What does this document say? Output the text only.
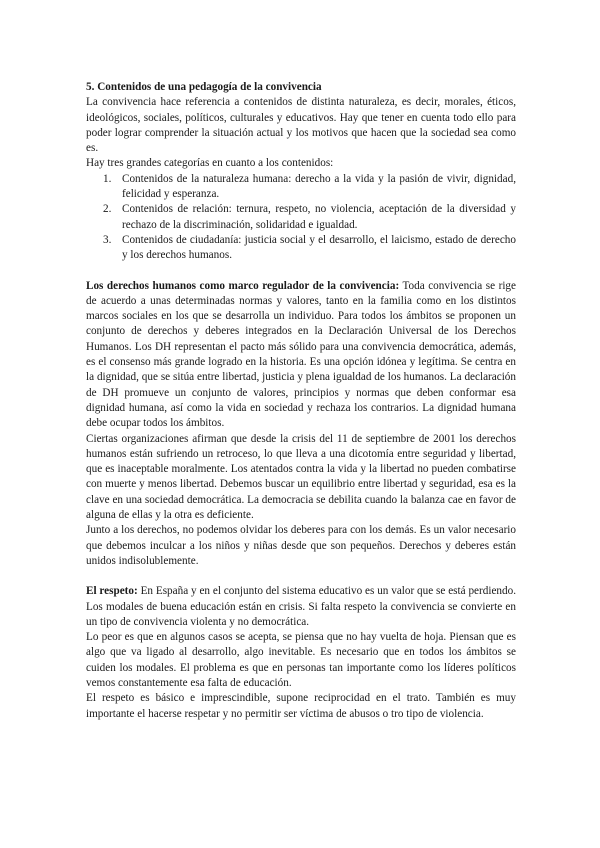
5. Contenidos de una pedagogía de la convivencia

La convivencia hace referencia a contenidos de distinta naturaleza, es decir, morales, éticos, ideológicos, sociales, políticos, culturales y educativos. Hay que tener en cuenta todo ello para poder lograr comprender la situación actual y los motivos que hacen que la sociedad sea como es.

Hay tres grandes categorías en cuanto a los contenidos:

1. Contenidos de la naturaleza humana: derecho a la vida y la pasión de vivir, dignidad, felicidad y esperanza.
2. Contenidos de relación: ternura, respeto, no violencia, aceptación de la diversidad y rechazo de la discriminación, solidaridad e igualdad.
3. Contenidos de ciudadanía: justicia social y el desarrollo, el laicismo, estado de derecho y los derechos humanos.

Los derechos humanos como marco regulador de la convivencia: Toda convivencia se rige de acuerdo a unas determinadas normas y valores, tanto en la familia como en los distintos marcos sociales en los que se desarrolla un individuo. Para todos los ámbitos se proponen un conjunto de derechos y deberes integrados en la Declaración Universal de los Derechos Humanos. Los DH representan el pacto más sólido para una convivencia democrática, además, es el consenso más grande logrado en la historia. Es una opción idónea y legítima. Se centra en la dignidad, que se sitúa entre libertad, justicia y plena igualdad de los humanos. La declaración de DH promueve un conjunto de valores, principios y normas que deben conformar esa dignidad humana, así como la vida en sociedad y rechaza los contrarios. La dignidad humana debe ocupar todos los ámbitos.

Ciertas organizaciones afirman que desde la crisis del 11 de septiembre de 2001 los derechos humanos están sufriendo un retroceso, lo que lleva a una dicotomía entre seguridad y libertad, que es inaceptable moralmente. Los atentados contra la vida y la libertad no pueden combatirse con muerte y menos libertad. Debemos buscar un equilibrio entre libertad y seguridad, esa es la clave en una sociedad democrática. La democracia se debilita cuando la balanza cae en favor de alguna de ellas y la otra es deficiente.

Junto a los derechos, no podemos olvidar los deberes para con los demás. Es un valor necesario que debemos inculcar a los niños y niñas desde que son pequeños. Derechos y deberes están unidos indisolublemente.

El respeto: En España y en el conjunto del sistema educativo es un valor que se está perdiendo. Los modales de buena educación están en crisis. Si falta respeto la convivencia se convierte en un tipo de convivencia violenta y no democrática.

Lo peor es que en algunos casos se acepta, se piensa que no hay vuelta de hoja. Piensan que es algo que va ligado al desarrollo, algo inevitable. Es necesario que en todos los ámbitos se cuiden los modales. El problema es que en personas tan importante como los líderes políticos vemos constantemente esa falta de educación.

El respeto es básico e imprescindible, supone reciprocidad en el trato. También es muy importante el hacerse respetar y no permitir ser víctima de abusos o tro tipo de violencia.
